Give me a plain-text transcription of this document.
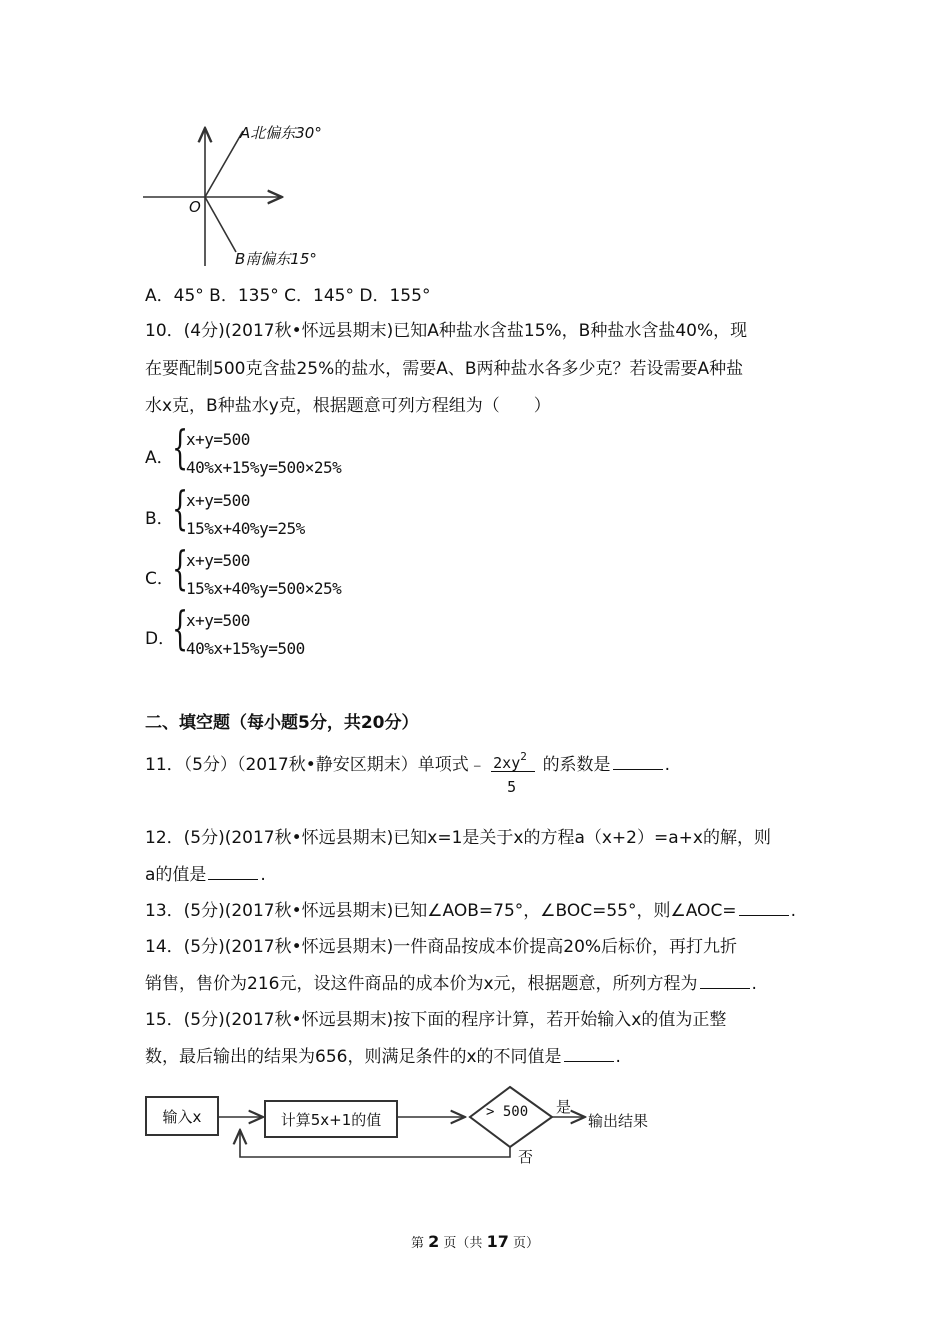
A北偏东30°
O
B南偏东15°
A．45° B．135° C．145° D．155°
10．(4分)(2017秋•怀远县期末)已知A种盐水含盐15%，B种盐水含盐40%，现
在要配制500克含盐25%的盐水，需要A、B两种盐水各多少克？若设需要A种盐
水x克，B种盐水y克，根据题意可列方程组为（　　）
A．
{
x+y=500
40%x+15%y=500×25%
B．
{
x+y=500
15%x+40%y=25%
C．
{
x+y=500
15%x+40%y=500×25%
D．
{
x+y=500
40%x+15%y=500
二、填空题（每小题5分，共20分）
11．（5分）（2017秋•静安区期末）单项式﹣ $\frac{2xy^2}{5}$ 的系数是	.
12．(5分)(2017秋•怀远县期末)已知x=1是关于x的方程a（x+2）=a+x的解，则
a的值是	.
13．(5分)(2017秋•怀远县期末)已知∠AOB=75°，∠BOC=55°，则∠AOC=	.
14．(5分)(2017秋•怀远县期末)一件商品按成本价提高20%后标价，再打九折
销售，售价为216元，设这件商品的成本价为x元，根据题意，所列方程为	.
15．(5分)(2017秋•怀远县期末)按下面的程序计算，若开始输入x的值为正整
数，最后输出的结果为656，则满足条件的x的不同值是	.
输入x	计算5x+1的值	> 500 是
输出结果
否
第 2 页（共 17 页）
